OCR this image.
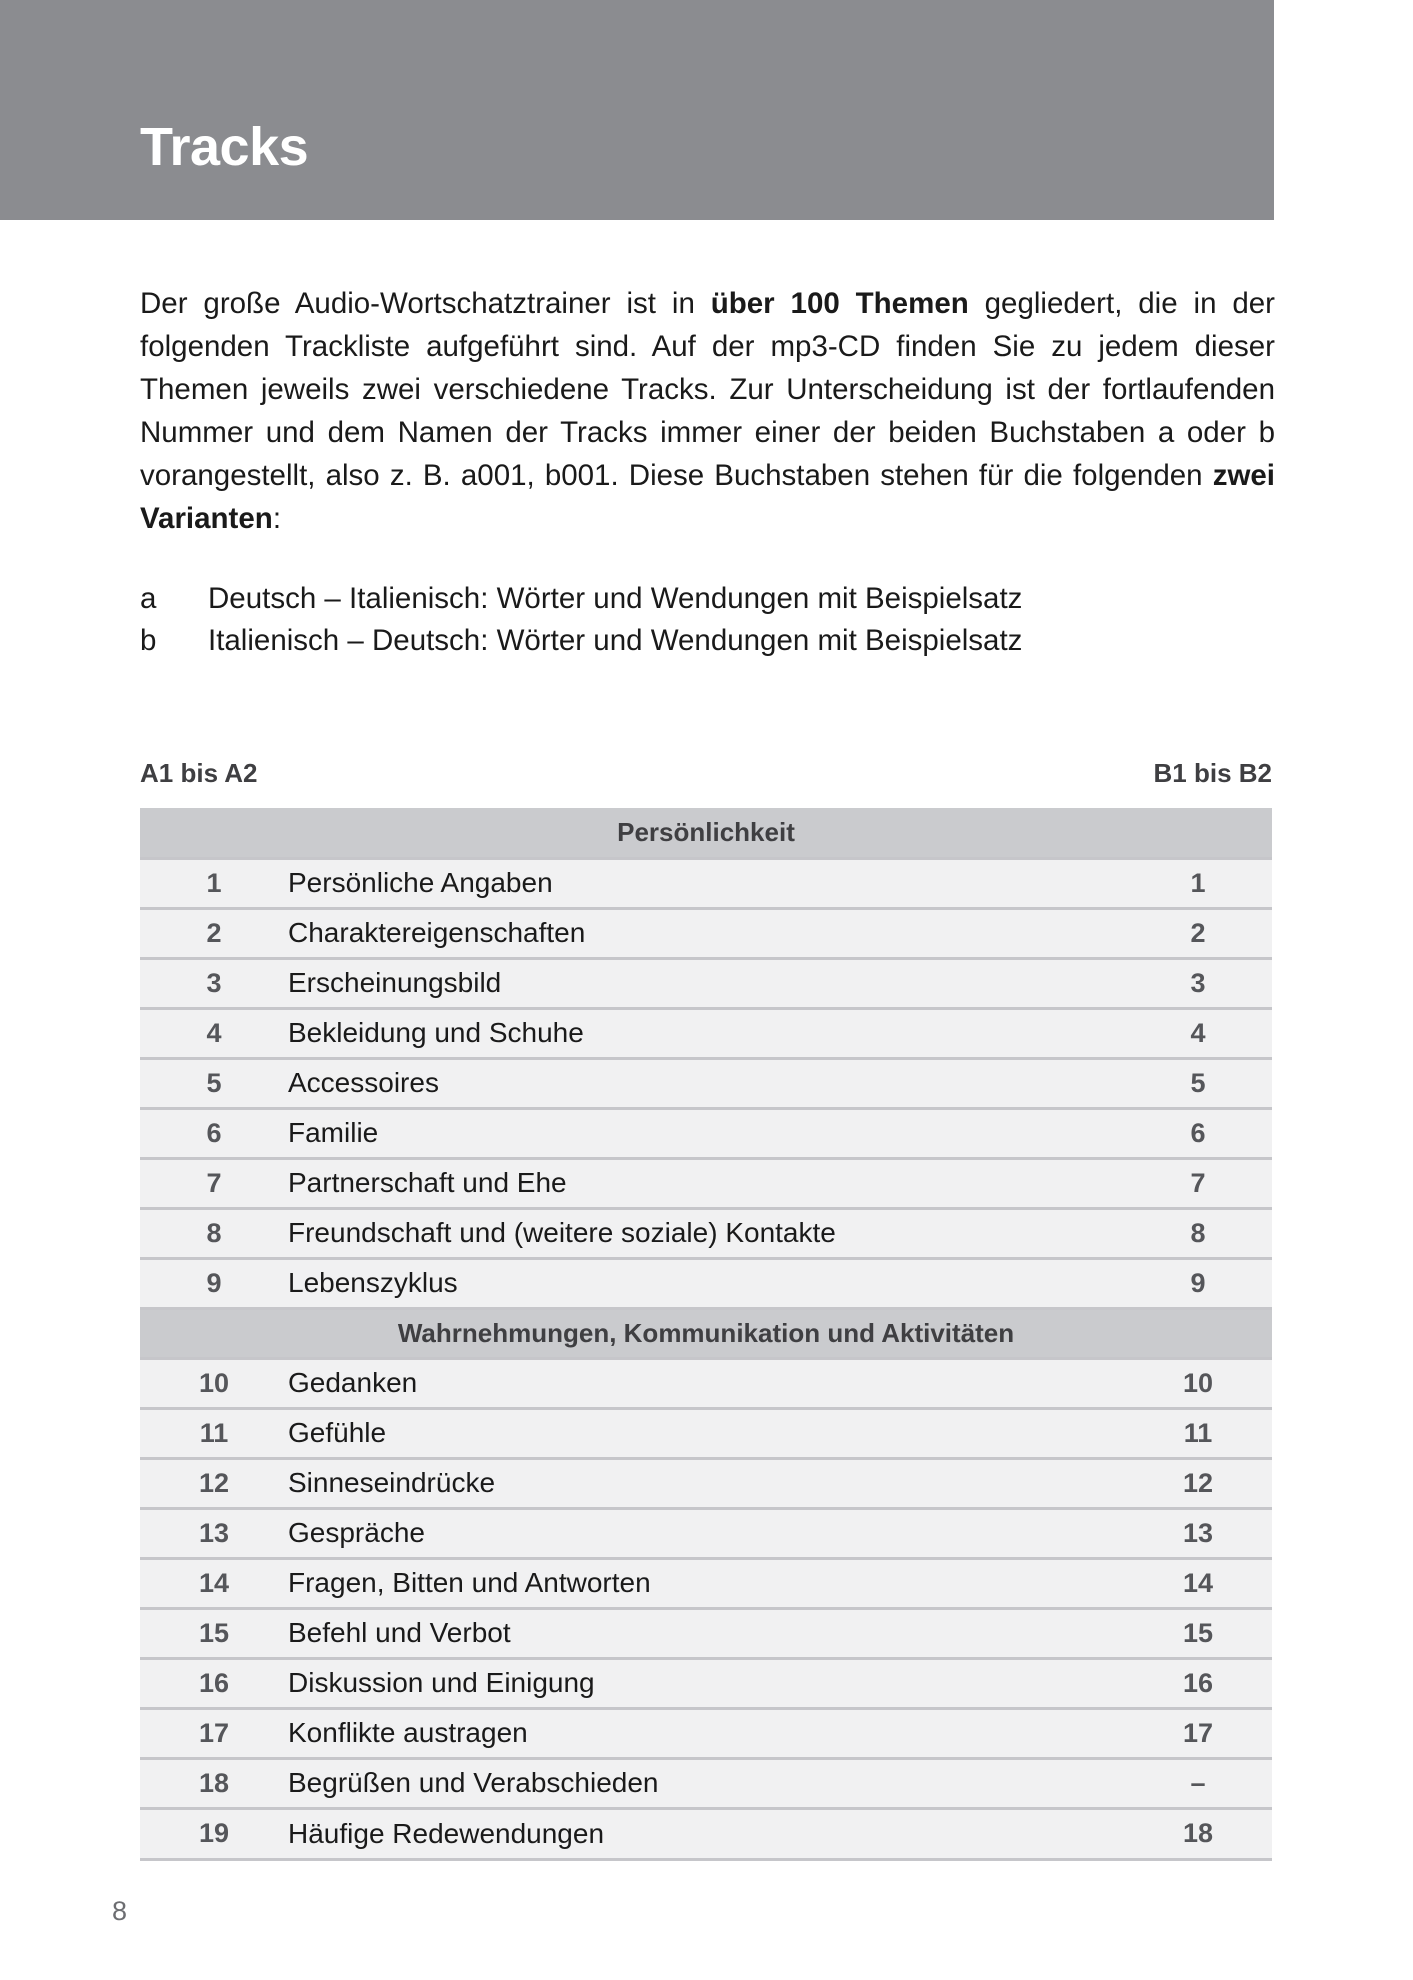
Tracks

Der große Audio-Wortschatztrainer ist in über 100 Themen gegliedert, die in der folgenden Trackliste aufgeführt sind. Auf der mp3-CD finden Sie zu jedem dieser Themen jeweils zwei verschiedene Tracks. Zur Unterscheidung ist der fortlaufenden Nummer und dem Namen der Tracks immer einer der beiden Buchstaben a oder b vorangestellt, also z. B. a001, b001. Diese Buchstaben stehen für die folgenden zwei Varianten:

a	Deutsch – Italienisch: Wörter und Wendungen mit Beispielsatz
b	Italienisch – Deutsch: Wörter und Wendungen mit Beispielsatz
A1 bis A2	B1 bis B2
Persönlichkeit		
1	Persönliche Angaben	1
2	Charaktereigenschaften	2
3	Erscheinungsbild	3
4	Bekleidung und Schuhe	4
5	Accessoires	5
6	Familie	6
7	Partnerschaft und Ehe	7
8	Freundschaft und (weitere soziale) Kontakte	8
9	Lebenszyklus	9
Wahrnehmungen, Kommunikation und Aktivitäten		
10	Gedanken	10
11	Gefühle	11
12	Sinneseindrücke	12
13	Gespräche	13
14	Fragen, Bitten und Antworten	14
15	Befehl und Verbot	15
16	Diskussion und Einigung	16
17	Konflikte austragen	17
18	Begrüßen und Verabschieden	–
19	Häufige Redewendungen	18
8
